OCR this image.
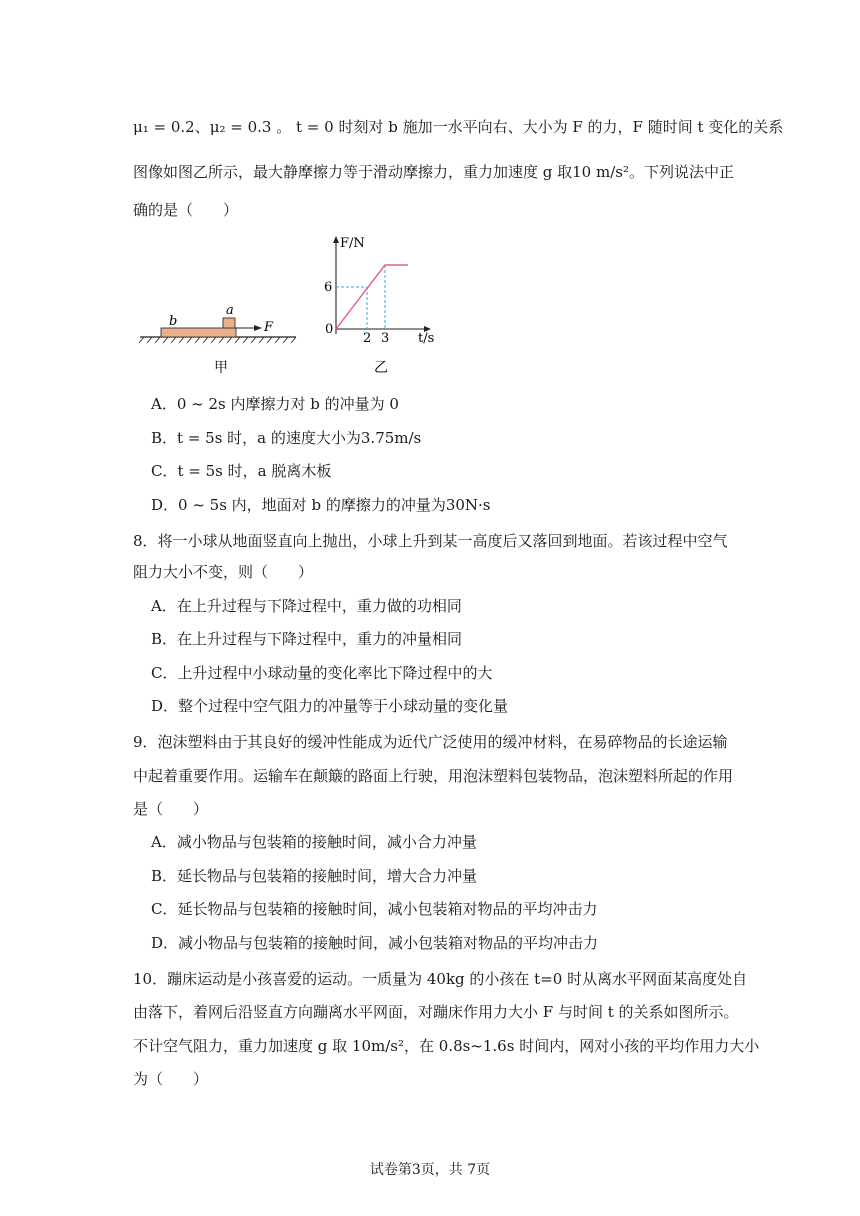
μ₁ = 0.2、μ₂ = 0.3 。 t = 0 时刻对 b 施加一水平向右、大小为 F 的力，F 随时间 t 变化的关系
图像如图乙所示，最大静摩擦力等于滑动摩擦力，重力加速度 g 取10 m/s²。下列说法中正
确的是（　　）
b
a
F
甲
F/N
6
0
2 3 t/s
乙
A．0 ~ 2s 内摩擦力对 b 的冲量为 0
B．t = 5s 时，a 的速度大小为3.75m/s
C．t = 5s 时，a 脱离木板
D．0 ~ 5s 内，地面对 b 的摩擦力的冲量为30N·s
8．将一小球从地面竖直向上抛出，小球上升到某一高度后又落回到地面。若该过程中空气
阻力大小不变，则（　　）
A．在上升过程与下降过程中，重力做的功相同
B．在上升过程与下降过程中，重力的冲量相同
C．上升过程中小球动量的变化率比下降过程中的大
D．整个过程中空气阻力的冲量等于小球动量的变化量
9．泡沫塑料由于其良好的缓冲性能成为近代广泛使用的缓冲材料，在易碎物品的长途运输
中起着重要作用。运输车在颠簸的路面上行驶，用泡沫塑料包装物品，泡沫塑料所起的作用
是（　　）
A．减小物品与包装箱的接触时间，减小合力冲量
B．延长物品与包装箱的接触时间，增大合力冲量
C．延长物品与包装箱的接触时间，减小包装箱对物品的平均冲击力
D．减小物品与包装箱的接触时间，减小包装箱对物品的平均冲击力
10．蹦床运动是小孩喜爱的运动。一质量为 40kg 的小孩在 t=0 时从离水平网面某高度处自
由落下，着网后沿竖直方向蹦离水平网面，对蹦床作用力大小 F 与时间 t 的关系如图所示。
不计空气阻力，重力加速度 g 取 10m/s²，在 0.8s~1.6s 时间内，网对小孩的平均作用力大小
为（　　）
试卷第3页，共 7页
